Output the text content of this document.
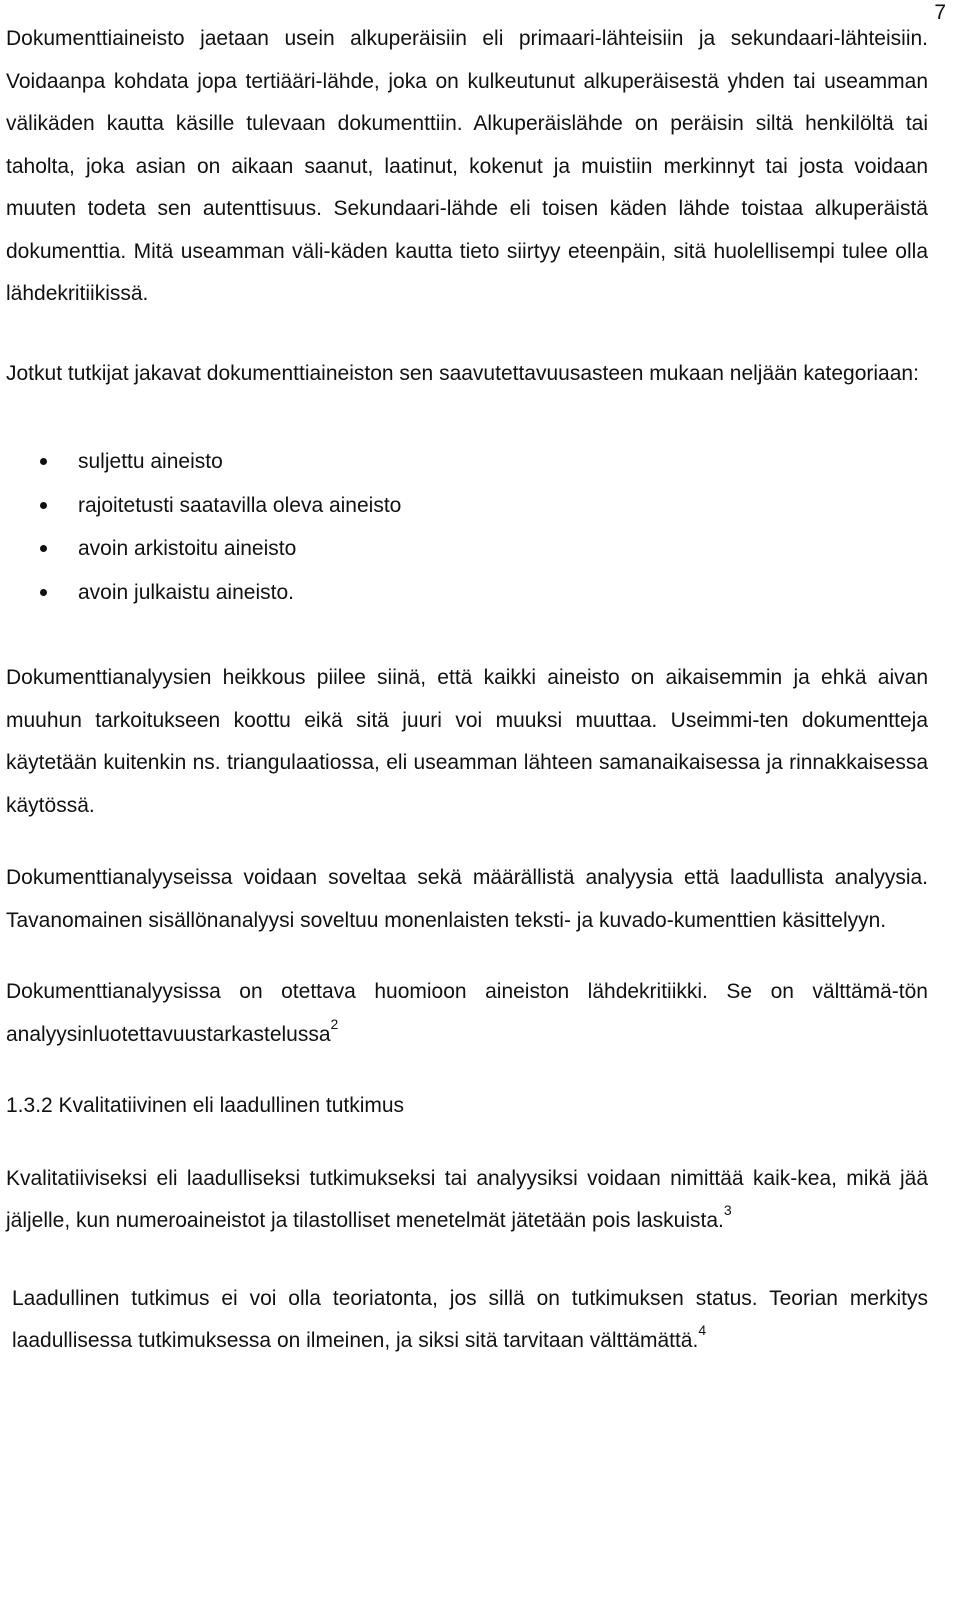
7

Dokumenttiaineisto jaetaan usein alkuperäisiin eli primaari-lähteisiin ja sekundaari-lähteisiin. Voidaanpa kohdata jopa tertiääri-lähde, joka on kulkeutunut alkuperäisestä yhden tai useamman välikäden kautta käsille tulevaan dokumenttiin. Alkuperäislähde on peräisin siltä henkilöltä tai taholta, joka asian on aikaan saanut, laatinut, kokenut ja muistiin merkinnyt tai josta voidaan muuten todeta sen autenttisuus. Sekundaari-lähde eli toisen käden lähde toistaa alkuperäistä dokumenttia. Mitä useamman väli-käden kautta tieto siirtyy eteenpäin, sitä huolellisempi tulee olla lähdekritiikissä.

Jotkut tutkijat jakavat dokumenttiaineiston sen saavutettavuusasteen mukaan neljään kategoriaan:

suljettu aineisto
rajoitetusti saatavilla oleva aineisto
avoin arkistoitu aineisto
avoin julkaistu aineisto.

Dokumenttianalyysien heikkous piilee siinä, että kaikki aineisto on aikaisemmin ja ehkä aivan muuhun tarkoitukseen koottu eikä sitä juuri voi muuksi muuttaa. Useimmi-ten dokumentteja käytetään kuitenkin ns. triangulaatiossa, eli useamman lähteen samanaikaisessa ja rinnakkaisessa käytössä.

Dokumenttianalyyseissa voidaan soveltaa sekä määrällistä analyysia että laadullista analyysia. Tavanomainen sisällönanalyysi soveltuu monenlaisten teksti- ja kuvado-kumenttien käsittelyyn.

Dokumenttianalyysissa on otettava huomioon aineiston lähdekritiikki. Se on välttämä-tön analyysinluotettavuustarkastelussa$^2$

1.3.2 Kvalitatiivinen eli laadullinen tutkimus

Kvalitatiiviseksi eli laadulliseksi tutkimukseksi tai analyysiksi voidaan nimittää kaik-kea, mikä jää jäljelle, kun numeroaineistot ja tilastolliset menetelmät jätetään pois laskuista.$^3$

Laadullinen tutkimus ei voi olla teoriatonta, jos sillä on tutkimuksen status. Teorian merkitys laadullisessa tutkimuksessa on ilmeinen, ja siksi sitä tarvitaan välttämättä.$^4$
